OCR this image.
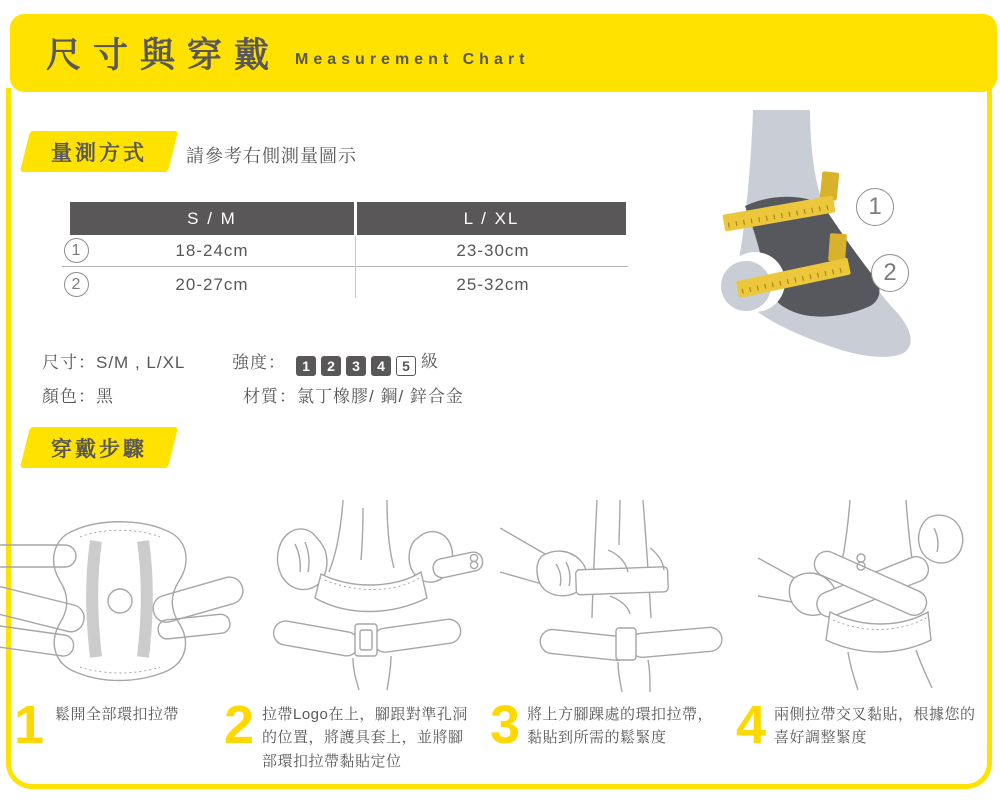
尺寸與穿戴 Measurement Chart
量測方式 請參考右側測量圖示
S / M	L / XL
1	18-24cm	23-30cm
2	20-27cm	25-32cm
尺寸：S/M , L/XL	強度：	1 2 3 4 5 級
顏色：黑	材質：氯丁橡膠/ 鋼/ 鋅合金
1
2
穿戴步驟
1 鬆開全部環扣拉帶 2 拉帶Logo在上，腳跟對準孔洞的位置，將護具套上，並將腳部環扣拉帶黏貼定位
3 將上方腳踝處的環扣拉帶，黏貼到所需的鬆緊度	4 兩側拉帶交叉黏貼，根據您的喜好調整緊度
